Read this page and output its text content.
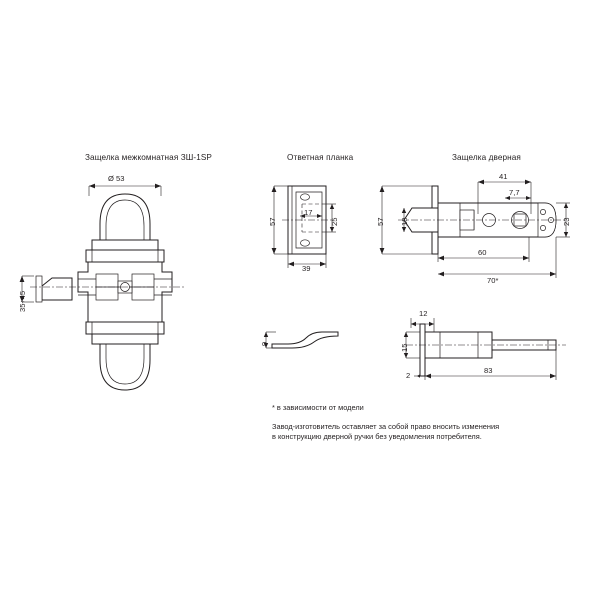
Защелка межкомнатная ЗШ-1SP	Ответная планка	Защелка дверная
Ø 53
35÷45
57
39
17
25
9
57 18	23
41
7,7
60
70*
12
15
2
83
* в зависимости от модели
Завод-изготовитель оставляет за собой право вносить изменения
в конструкцию дверной ручки без уведомления потребителя.
